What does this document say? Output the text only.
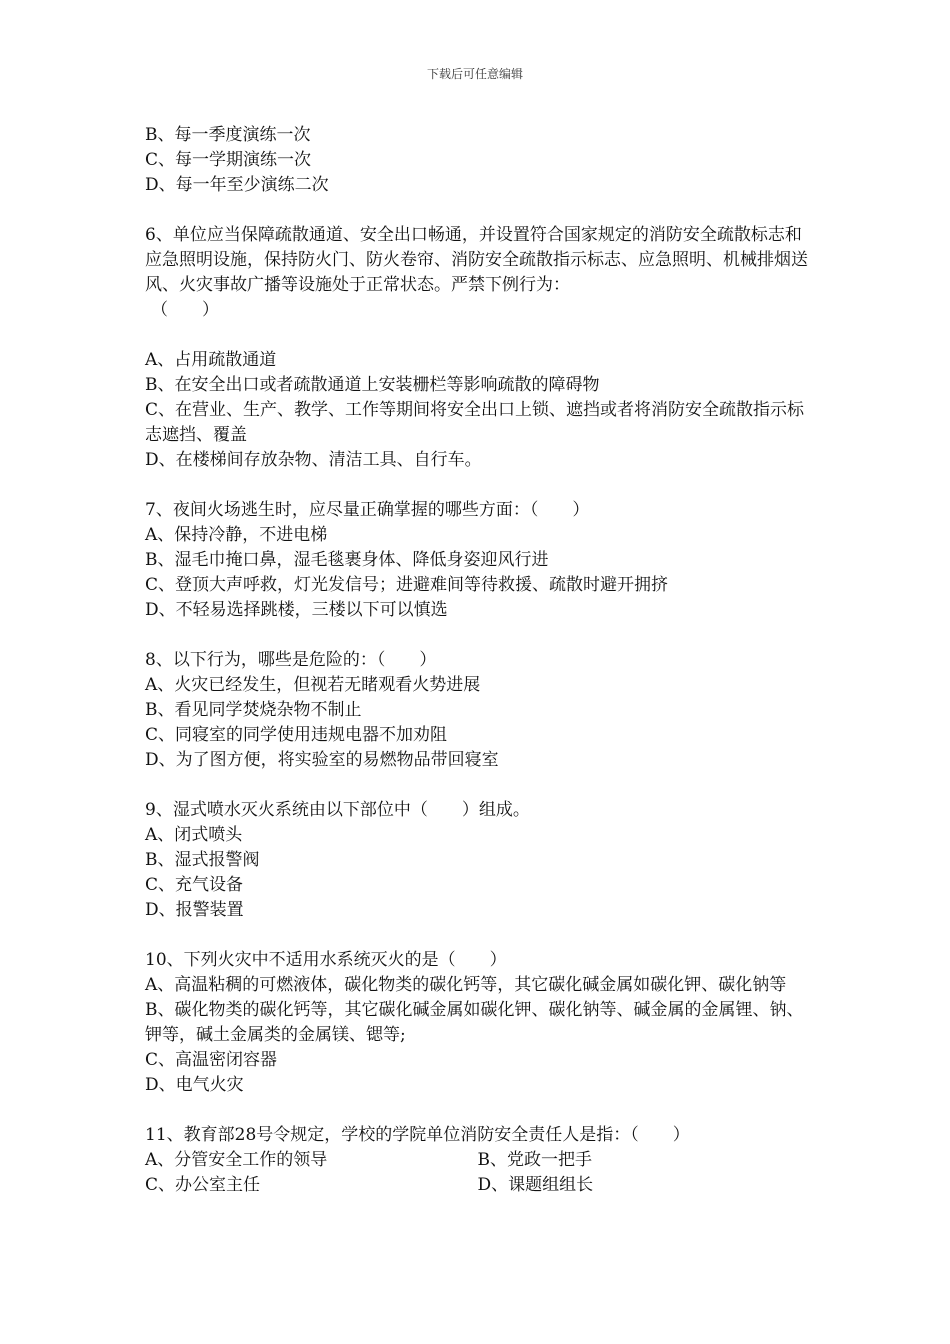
下载后可任意编辑
B、每一季度演练一次
C、每一学期演练一次
D、每一年至少演练二次
6、单位应当保障疏散通道、安全出口畅通，并设置符合国家规定的消防安全疏散标志和应急照明设施，保持防火门、防火卷帘、消防安全疏散指示标志、应急照明、机械排烟送风、火灾事故广播等设施处于正常状态。严禁下例行为：
（　　）
A、占用疏散通道
B、在安全出口或者疏散通道上安装栅栏等影响疏散的障碍物
C、在营业、生产、教学、工作等期间将安全出口上锁、遮挡或者将消防安全疏散指示标志遮挡、覆盖
D、在楼梯间存放杂物、清洁工具、自行车。
7、夜间火场逃生时，应尽量正确掌握的哪些方面：（　　）
A、保持冷静，不进电梯
B、湿毛巾掩口鼻，湿毛毯裹身体、降低身姿迎风行进
C、登顶大声呼救，灯光发信号；进避难间等待救援、疏散时避开拥挤
D、不轻易选择跳楼，三楼以下可以慎选
8、以下行为，哪些是危险的：（　　）
A、火灾已经发生，但视若无睹观看火势进展
B、看见同学焚烧杂物不制止
C、同寝室的同学使用违规电器不加劝阻
D、为了图方便，将实验室的易燃物品带回寝室
9、湿式喷水灭火系统由以下部位中（　　）组成。
A、闭式喷头
B、湿式报警阀
C、充气设备
D、报警装置
10、下列火灾中不适用水系统灭火的是（　　）
A、高温粘稠的可燃液体，碳化物类的碳化钙等，其它碳化碱金属如碳化钾、碳化钠等
B、碳化物类的碳化钙等，其它碳化碱金属如碳化钾、碳化钠等、碱金属的金属锂、钠、钾等，碱土金属类的金属镁、锶等;
C、高温密闭容器
D、电气火灾
11、教育部28号令规定，学校的学院单位消防安全责任人是指：（　　）
A、分管安全工作的领导	B、党政一把手
C、办公室主任	D、课题组组长
